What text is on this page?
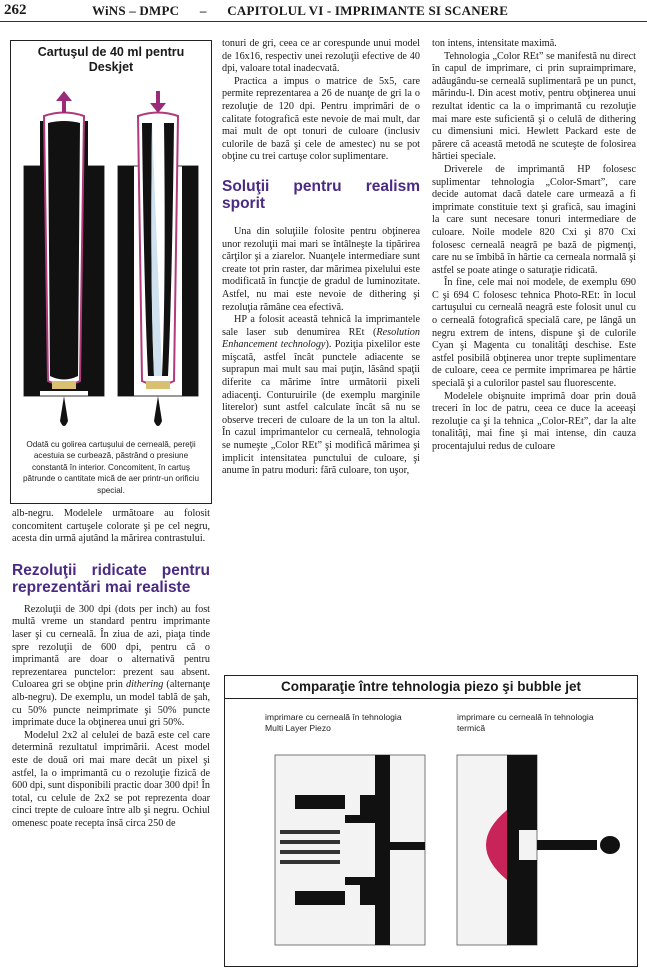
262	WiNS – DMPC      –      CAPITOLUL VI - IMPRIMANTE SI SCANERE
Cartuşul de 40 ml pentru
Deskjet
Odată cu golirea cartuşului de cerneală, pereţii acestuia se curbează, păstrând o presiune constantă în interior. Concomitent, în cartuş pătrunde o cantitate mică de aer printr-un orificiu special.

alb-negru. Modelele următoare au folosit concomitent cartuşele colorate şi pe cel negru, acesta din urmă ajutând la mărirea contrastului.

Rezoluţii ridicate pentru reprezentări mai realiste

Rezoluţii de 300 dpi (dots per inch) au fost multă vreme un standard pentru imprimante laser şi cu cerneală. În ziua de azi, piaţa tinde spre rezoluţii de 600 dpi, pentru că o imprimantă are doar o alternativă pentru reprezentarea punctelor: prezent sau absent. Culoarea gri se obţine prin dithering (alternanţe alb-negru). De exemplu, un model tablă de şah, cu 50% puncte neimprimate şi 50% puncte imprimate duce la obţinerea unui gri 50%.

Modelul 2x2 al celulei de bază este cel care determină rezultatul imprimării. Acest model este de două ori mai mare decât un pixel şi astfel, la o imprimantă cu o rezoluţie fizică de 600 dpi, sunt disponibili practic doar 300 dpi! În total, cu celule de 2x2 se pot reprezenta doar cinci trepte de culoare între alb şi negru. Ochiul omenesc poate recepta însă circa 250 de

tonuri de gri, ceea ce ar corespunde unui model de 16x16, respectiv unei rezoluţii efective de 40 dpi, valoare total inadecvată.

Practica a impus o matrice de 5x5, care permite reprezentarea a 26 de nuanţe de gri la o rezoluţie de 120 dpi. Pentru imprimări de o calitate fotografică este nevoie de mai mult, dar mai mult de opt tonuri de culoare (inclusiv culorile de bază şi cele de amestec) nu se pot obţine cu trei cartuşe color suplimentare.

Soluţii pentru realism sporit

Una din soluţiile folosite pentru obţinerea unor rezoluţii mai mari se întâlneşte la tipărirea cărţilor şi a ziarelor. Nuanţele intermediare sunt create tot prin raster, dar mărimea pixelului este modificată în funcţie de gradul de luminozitate. Astfel, nu mai este nevoie de dithering şi rezoluţia rămâne cea efectivă.

HP a folosit această tehnică la imprimantele sale laser sub denumirea REt (Resolution Enhancement technology). Poziţia pixelilor este mişcată, astfel încât punctele adiacente se suprapun mai mult sau mai puţin, lăsând spaţii diferite ca mărime între următorii pixeli adiacenţi. Conturuirile (de exemplu marginile literelor) sunt astfel calculate încât să nu se observe treceri de culoare de la un ton la altul. În cazul imprimantelor cu cerneală, tehnologia se numeşte „Color REt” şi modifică mărimea şi implicit intensitatea punctului de culoare, şi anume în patru moduri: fără culoare, ton uşor,

ton intens, intensitate maximă.

Tehnologia „Color REt” se manifestă nu direct în capul de imprimare, ci prin supraimprimare, adăugându-se cerneală suplimentară pe un punct, mărindu-l. Din acest motiv, pentru obţinerea unui rezultat identic ca la o imprimantă cu rezoluţie mai mare este suficientă şi o celulă de dithering cu dimensiuni mici. Hewlett Packard este de părere că această metodă ne scuteşte de folosirea hârtiei speciale.

Driverele de imprimantă HP folosesc suplimentar tehnologia „Color-Smart”, care decide automat dacă datele care urmează a fi imprimate constituie text şi grafică, sau imagini la care sunt necesare tonuri intermediare de culoare. Noile modele 820 Cxi şi 870 Cxi folosesc cerneală neagră pe bază de pigmenţi, care nu se îmbibă în hârtie ca cerneala normală şi astfel se poate atinge o saturaţie ridicată.

În fine, cele mai noi modele, de exemplu 690 C şi 694 C folosesc tehnica Photo-REt: în locul cartuşului cu cerneală neagră este folosit unul cu o cerneală fotografică specială care, pe lângă un negru extrem de intens, dispune şi de culorile Cyan şi Magenta cu tonalităţi deschise. Este astfel posibilă obţinerea unor trepte suplimentare de culoare, ceea ce permite imprimarea pe hârtie specială şi a culorilor pastel sau fluorescente.

Modelele obişnuite imprimă doar prin două treceri în loc de patru, ceea ce duce la aceeaşi rezoluţie ca şi la tehnica „Color-REt”, dar la alte tonalităţi, mai fine şi mai intense, din cauza procentajului redus de culoare

Comparaţie între tehnologia piezo şi bubble jet
imprimare cu cerneală în tehnologia Multi Layer Piezo
imprimare cu cerneală în tehnologia termică
